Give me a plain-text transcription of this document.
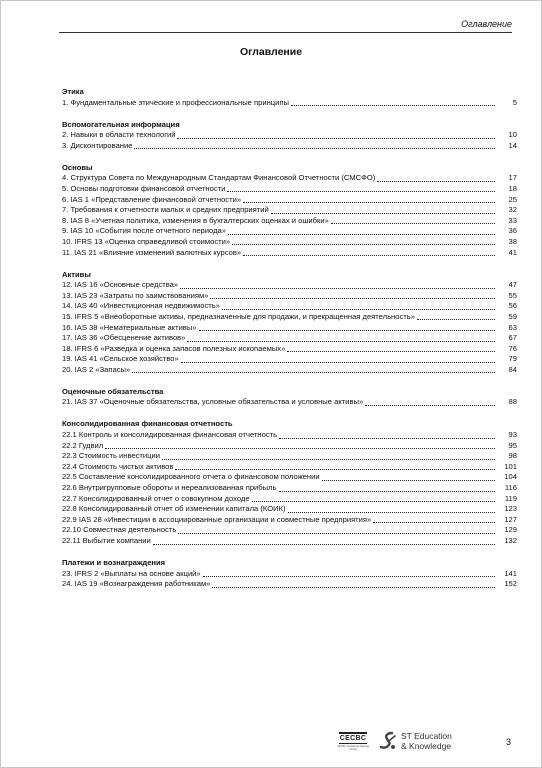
Оглавление
Оглавление
Этика
1. Фундаментальные этические и профессиональные принципы	5
Вспомогательная информация
2. Навыки в области технологий	10
3. Дисконтирование	14
Основы
4. Структура Совета по Международным Стандартам Финансовой Отчетности (СМСФО)	17
5. Основы подготовки финансовой отчетности	18
6. IAS 1 «Представление финансовой отчетности»	25
7. Требования к отчетности малых и средних предприятий	32
8. IAS 8 «Учетная политика, изменения в бухгалтерских оценках и ошибки»	33
9. IAS 10 «События после отчетного периода»	36
10. IFRS 13 «Оценка справедливой стоимости»	38
11. IAS 21 «Влияние изменений валютных курсов»	41
Активы
12. IAS 16 «Основные средства»	47
13. IAS 23 «Затраты по заимствованиям»	55
14. IAS 40 «Инвестиционная недвижимость»	56
15. IFRS 5 «Внеоборотные активы, предназначенные для продажи, и прекращенная деятельность»	59
16. IAS 38 «Нематериальные активы»	63
17. IAS 36 «Обесценение активов»	67
18. IFRS 6 «Разведка и оценка запасов полезных ископаемых»	76
19. IAS 41 «Сельское хозяйство»	79
20. IAS 2 «Запасы»	84
Оценочные обязательства
21. IAS 37 «Оценочные обязательства, условные обязательства и условные активы»	88
Консолидированная финансовая отчетность
22.1 Контроль и консолидированная финансовая отчетность	93
22.2 Гудвил	95
22.3 Стоимость инвестиции	98
22.4 Стоимость чистых активов	101
22.5 Составление консолидированного отчета о финансовом положении	104
22.6 Внутригрупповые обороты и нереализованная прибыль	116
22.7 Консолидированный отчет о совокупном доходе	119
22.8 Консолидированный отчет об изменении капитала (КОИК)	123
22.9 IAS 28 «Инвестиции в ассоциированные организации и совместные предприятия»	127
22.10 Совместная деятельность	129
22.11 Выбытие компании	132
Платежи и вознаграждения
23. IFRS 2 «Выплаты на основе акций»	141
24. IAS 19 «Вознаграждения работникам»	152
CECBC
CECBC Vocational Training Center
ST Education
& Knowledge	3
